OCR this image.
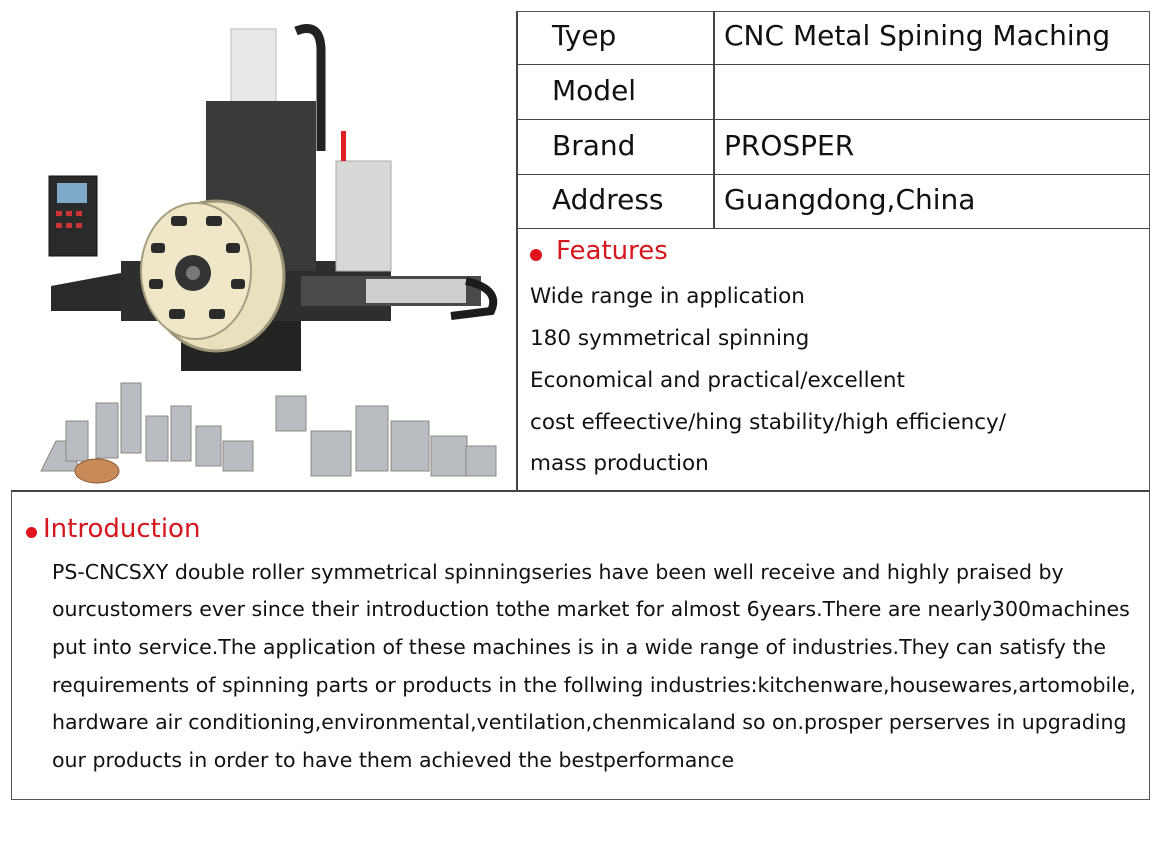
Tyep	CNC Metal Spining Maching
Model
Brand	PROSPER
Address Guangdong,China
Features
Wide range in application
180 symmetrical spinning
Economical and practical/excellent
cost effeective/hing stability/high efficiency/
mass production
Introduction
PS-CNCSXY double roller symmetrical spinningseries have been well receive and highly praised by
ourcustomers ever since their introduction tothe market for almost 6years.There are nearly300machines
put into service.The application of these machines is in a wide range of industries.They can satisfy the
requirements of spinning parts or products in the follwing industries:kitchenware,housewares,artomobile,
hardware air conditioning,environmental,ventilation,chenmicaland so on.prosper perserves in upgrading
our products in order to have them achieved the bestperformance
